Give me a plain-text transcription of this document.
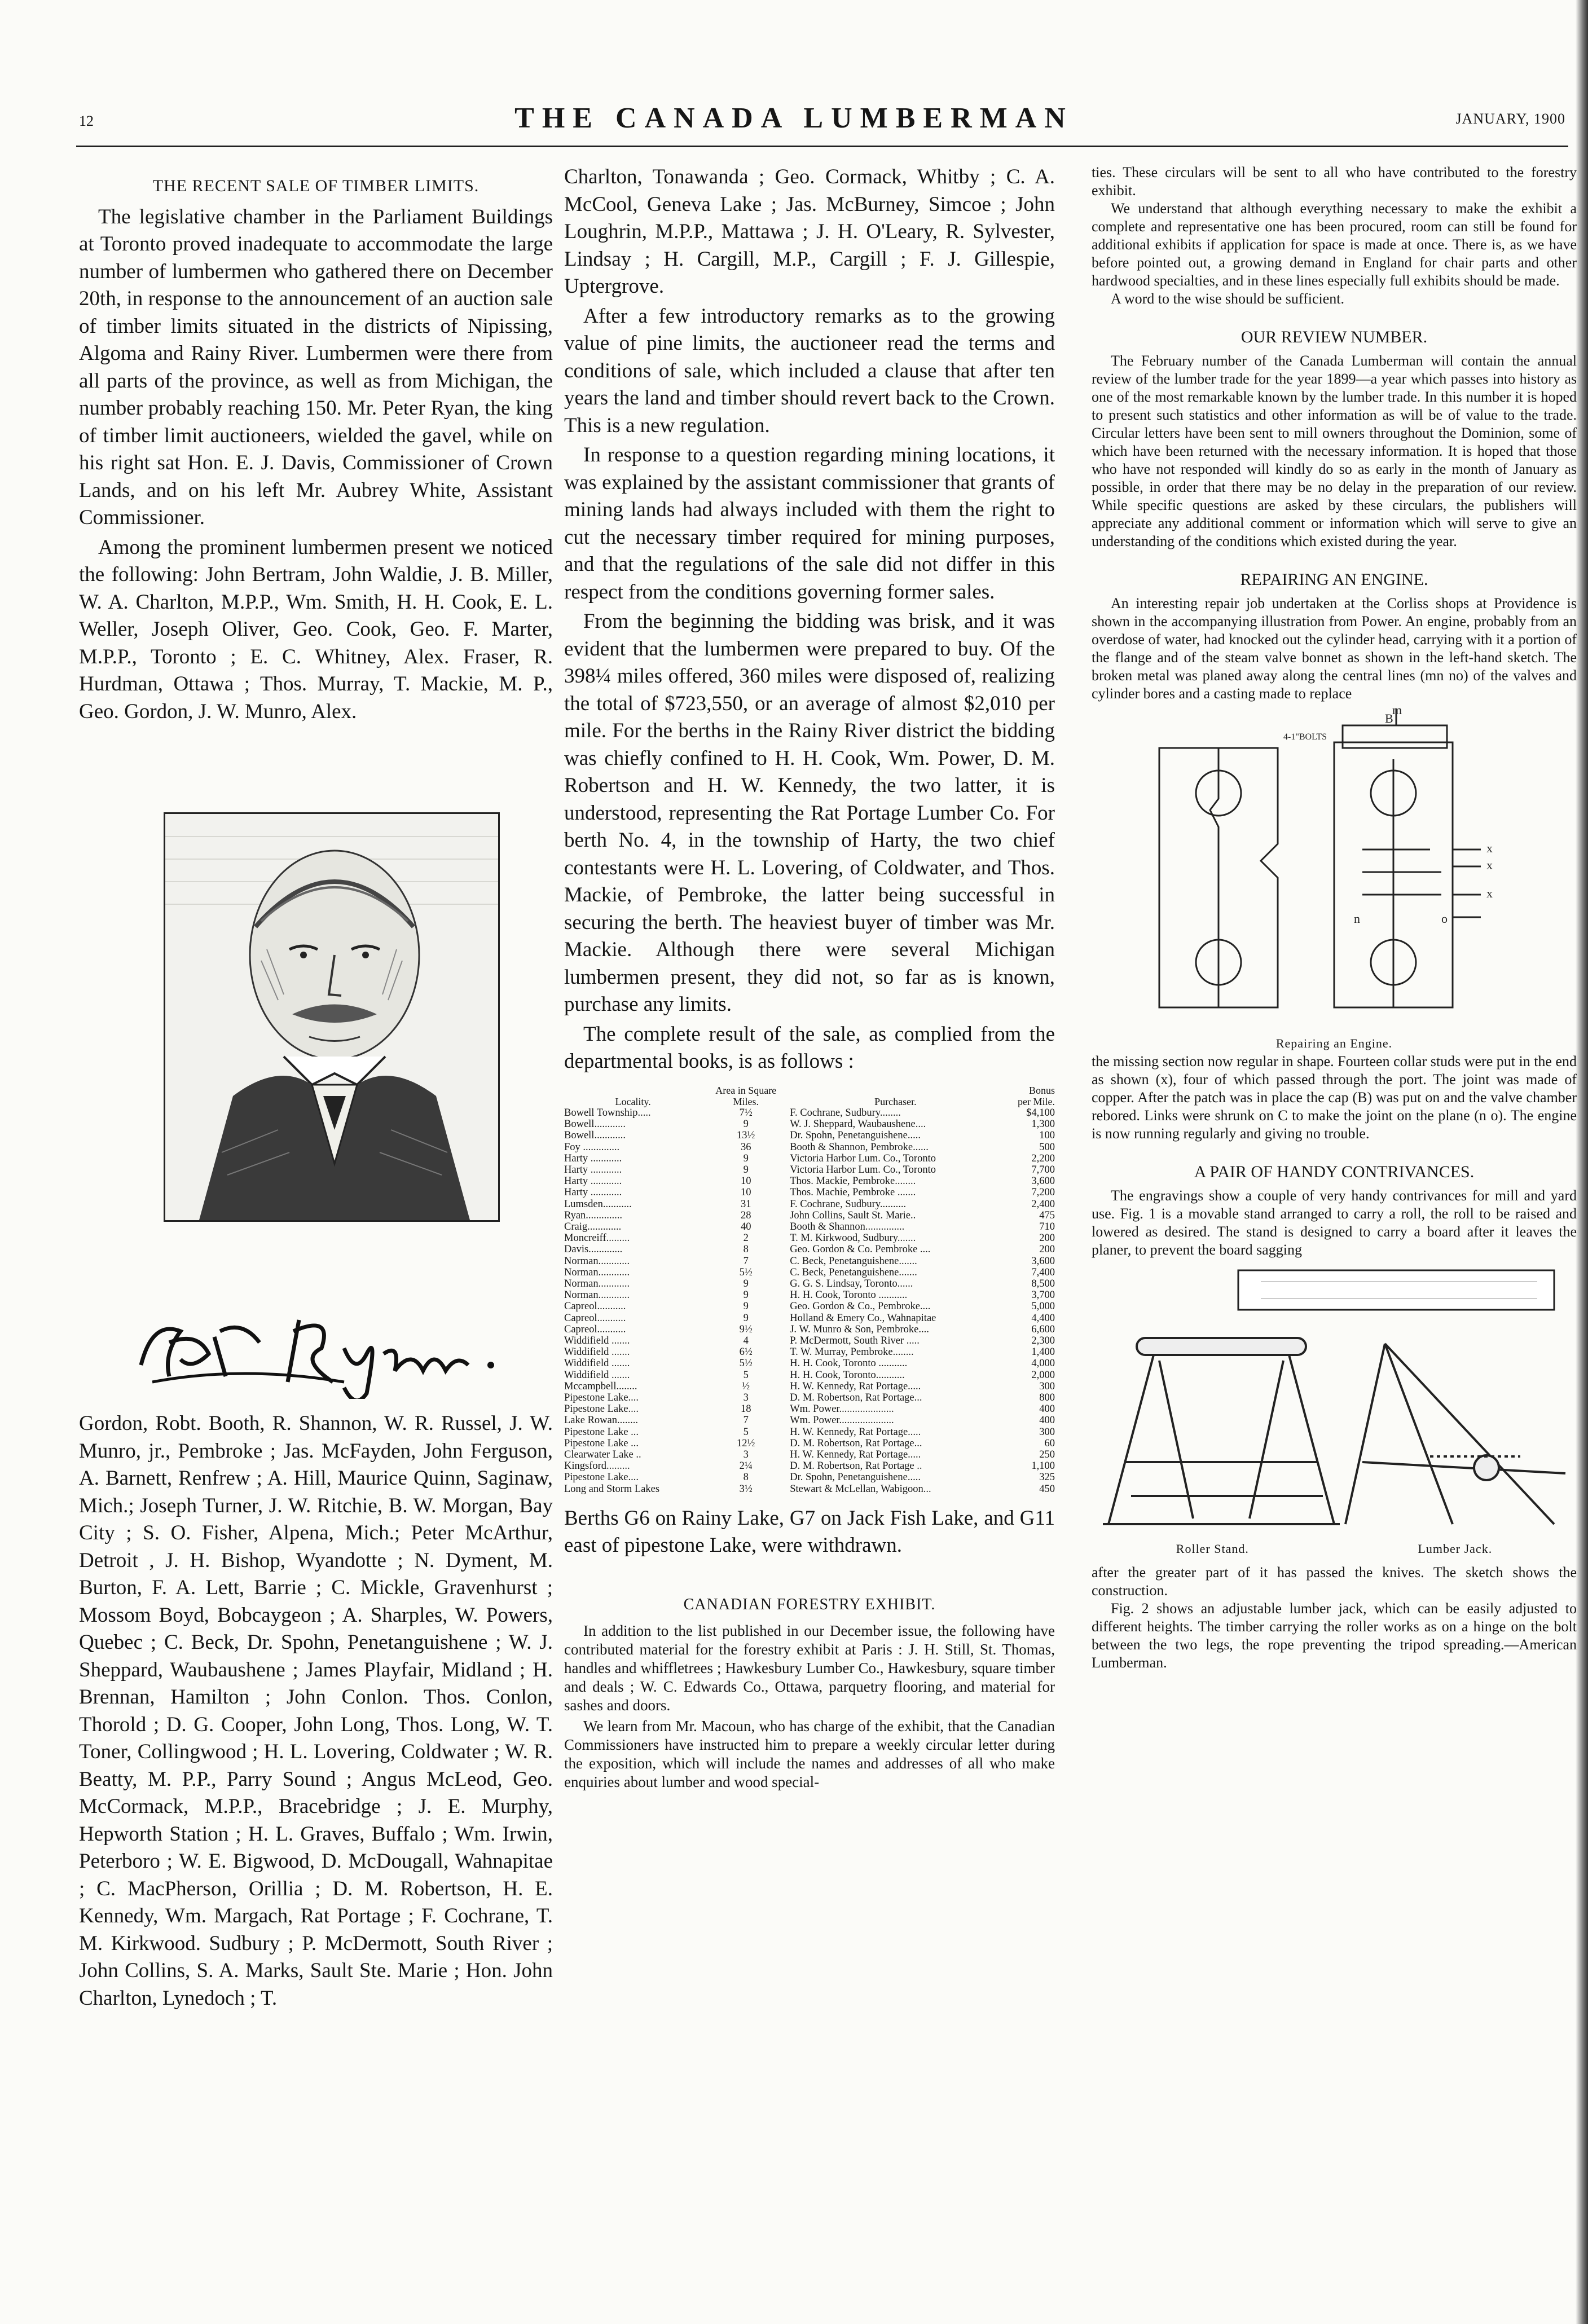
12	THE CANADA LUMBERMAN	JANUARY, 1900
THE RECENT SALE OF TIMBER LIMITS.

The legislative chamber in the Parliament Buildings at Toronto proved inadequate to accommodate the large number of lumbermen who gathered there on December 20th, in response to the announcement of an auction sale of timber limits situated in the districts of Nipissing, Algoma and Rainy River. Lumbermen were there from all parts of the province, as well as from Michigan, the number probably reaching 150. Mr. Peter Ryan, the king of timber limit auctioneers, wielded the gavel, while on his right sat Hon. E. J. Davis, Commissioner of Crown Lands, and on his left Mr. Aubrey White, Assistant Commissioner.

Among the prominent lumbermen present we noticed the following: John Bertram, John Waldie, J. B. Miller, W. A. Charlton, M.P.P., Wm. Smith, H. H. Cook, E. L. Weller, Joseph Oliver, Geo. Cook, Geo. F. Marter, M.P.P., Toronto ; E. C. Whitney, Alex. Fraser, R. Hurdman, Ottawa ; Thos. Murray, T. Mackie, M. P., Geo. Gordon, J. W. Munro, Alex.

Gordon, Robt. Booth, R. Shannon, W. R. Russel, J. W. Munro, jr., Pembroke ; Jas. McFayden, John Ferguson, A. Barnett, Renfrew ; A. Hill, Maurice Quinn, Saginaw, Mich.; Joseph Turner, J. W. Ritchie, B. W. Morgan, Bay City ; S. O. Fisher, Alpena, Mich.; Peter McArthur, Detroit , J. H. Bishop, Wyandotte ; N. Dyment, M. Burton, F. A. Lett, Barrie ; C. Mickle, Gravenhurst ; Mossom Boyd, Bobcaygeon ; A. Sharples, W. Powers, Quebec ; C. Beck, Dr. Spohn, Penetanguishene ; W. J. Sheppard, Waubaushene ; James Playfair, Midland ; H. Brennan, Hamilton ; John Conlon. Thos. Conlon, Thorold ; D. G. Cooper, John Long, Thos. Long, W. T. Toner, Collingwood ; H. L. Lovering, Coldwater ; W. R. Beatty, M. P.P., Parry Sound ; Angus McLeod, Geo. McCormack, M.P.P., Bracebridge ; J. E. Murphy, Hepworth Station ; H. L. Graves, Buffalo ; Wm. Irwin, Peterboro ; W. E. Bigwood, D. McDougall, Wahnapitae ; C. MacPherson, Orillia ; D. M. Robertson, H. E. Kennedy, Wm. Margach, Rat Portage ; F. Cochrane, T. M. Kirkwood. Sudbury ; P. McDermott, South River ; John Collins, S. A. Marks, Sault Ste. Marie ; Hon. John Charlton, Lynedoch ; T.

Charlton, Tonawanda ; Geo. Cormack, Whitby ; C. A. McCool, Geneva Lake ; Jas. McBurney, Simcoe ; John Loughrin, M.P.P., Mattawa ; J. H. O'Leary, R. Sylvester, Lindsay ; H. Cargill, M.P., Cargill ; F. J. Gillespie, Uptergrove.

After a few introductory remarks as to the growing value of pine limits, the auctioneer read the terms and conditions of sale, which included a clause that after ten years the land and timber should revert back to the Crown. This is a new regulation.

In response to a question regarding mining locations, it was explained by the assistant commissioner that grants of mining lands had always included with them the right to cut the necessary timber required for mining purposes, and that the regulations of the sale did not differ in this respect from the conditions governing former sales.

From the beginning the bidding was brisk, and it was evident that the lumbermen were prepared to buy. Of the 398¼ miles offered, 360 miles were disposed of, realizing the total of $723,550, or an average of almost $2,010 per mile. For the berths in the Rainy River district the bidding was chiefly confined to H. H. Cook, Wm. Power, D. M. Robertson and H. W. Kennedy, the two latter, it is understood, representing the Rat Portage Lumber Co. For berth No. 4, in the township of Harty, the two chief contestants were H. L. Lovering, of Coldwater, and Thos. Mackie, of Pembroke, the latter being successful in securing the berth. The heaviest buyer of timber was Mr. Mackie. Although there were several Michigan lumbermen present, they did not, so far as is known, purchase any limits.

The complete result of the sale, as complied from the departmental books, is as follows :

	Area in Square		Bonus
Locality.	Miles.	Purchaser.	per Mile.
Bowell Township.....	7½	F. Cochrane, Sudbury........	$4,100
Bowell............	9	W. J. Sheppard, Waubaushene....	1,300
Bowell............	13½	Dr. Spohn, Penetanguishene.....	100
Foy ..............	36	Booth & Shannon, Pembroke......	500
Harty ............	9	Victoria Harbor Lum. Co., Toronto	2,200
Harty ............	9	Victoria Harbor Lum. Co., Toronto	7,700
Harty ............	10	Thos. Mackie, Pembroke........	3,600
Harty ............	10	Thos. Machie, Pembroke .......	7,200
Lumsden...........	31	F. Cochrane, Sudbury..........	2,400
Ryan..............	28	John Collins, Sault St. Marie..	475
Craig.............	40	Booth & Shannon...............	710
Moncreiff.........	2	T. M. Kirkwood, Sudbury.......	200
Davis.............	8	Geo. Gordon & Co. Pembroke ....	200
Norman............	7	C. Beck, Penetanguishene.......	3,600
Norman............	5½	C. Beck, Penetanguishene.......	7,400
Norman............	9	G. G. S. Lindsay, Toronto......	8,500
Norman............	9	H. H. Cook, Toronto ...........	3,700
Capreol...........	9	Geo. Gordon & Co., Pembroke....	5,000
Capreol...........	9	Holland & Emery Co., Wahnapitae	4,400
Capreol...........	9½	J. W. Munro & Son, Pembroke....	6,600
Widdifield .......	4	P. McDermott, South River .....	2,300
Widdifield .......	6½	T. W. Murray, Pembroke........	1,400
Widdifield .......	5½	H. H. Cook, Toronto ...........	4,000
Widdifield .......	5	H. H. Cook, Toronto...........	2,000
Mccampbell........	½	H. W. Kennedy, Rat Portage.....	300
Pipestone Lake....	3	D. M. Robertson, Rat Portage...	800
Pipestone Lake....	18	Wm. Power.....................	400
Lake Rowan........	7	Wm. Power.....................	400
Pipestone Lake ...	5	H. W. Kennedy, Rat Portage.....	300
Pipestone Lake ...	12½	D. M. Robertson, Rat Portage...	60
Clearwater Lake ..	3	H. W. Kennedy, Rat Portage.....	250
Kingsford.........	2¼	D. M. Robertson, Rat Portage ..	1,100
Pipestone Lake....	8	Dr. Spohn, Penetanguishene.....	325
Long and Storm Lakes	3½	Stewart & McLellan, Wabigoon...	450

Berths G6 on Rainy Lake, G7 on Jack Fish Lake, and G11 east of pipestone Lake, were withdrawn.

CANADIAN FORESTRY EXHIBIT.

In addition to the list published in our December issue, the following have contributed material for the forestry exhibit at Paris : J. H. Still, St. Thomas, handles and whiffletrees ; Hawkesbury Lumber Co., Hawkesbury, square timber and deals ; W. C. Edwards Co., Ottawa, parquetry flooring, and material for sashes and doors.

We learn from Mr. Macoun, who has charge of the exhibit, that the Canadian Commissioners have instructed him to prepare a weekly circular letter during the exposition, which will include the names and addresses of all who make enquiries about lumber and wood special-

ties. These circulars will be sent to all who have contributed to the forestry exhibit.

We understand that although everything necessary to make the exhibit a complete and representative one has been procured, room can still be found for additional exhibits if application for space is made at once. There is, as we have before pointed out, a growing demand in England for chair parts and other hardwood specialties, and in these lines especially full exhibits should be made.

A word to the wise should be sufficient.

OUR REVIEW NUMBER.

The February number of the Canada Lumberman will contain the annual review of the lumber trade for the year 1899—a year which passes into history as one of the most remarkable known by the lumber trade. In this number it is hoped to present such statistics and other information as will be of value to the trade. Circular letters have been sent to mill owners throughout the Dominion, some of which have been returned with the necessary information. It is hoped that those who have not responded will kindly do so as early in the month of January as possible, in order that there may be no delay in the preparation of our review. While specific questions are asked by these circulars, the publishers will appreciate any additional comment or information which will serve to give an understanding of the conditions which existed during the year.

REPAIRING AN ENGINE.

An interesting repair job undertaken at the Corliss shops at Providence is shown in the accompanying illustration from Power. An engine, probably from an overdose of water, had knocked out the cylinder head, carrying with it a portion of the flange and of the steam valve bonnet as shown in the left-hand sketch. The broken metal was planed away along the central lines (mn no) of the valves and cylinder bores and a casting made to replace

m
B
4-1"BOLTS
x
x
x
n	o
Repairing an Engine.

the missing section now regular in shape. Fourteen collar studs were put in the end as shown (x), four of which passed through the port. The joint was made of copper. After the patch was in place the cap (B) was put on and the valve chamber rebored. Links were shrunk on C to make the joint on the plane (n o). The engine is now running regularly and giving no trouble.

A PAIR OF HANDY CONTRIVANCES.

The engravings show a couple of very handy contrivances for mill and yard use. Fig. 1 is a movable stand arranged to carry a roll, the roll to be raised and lowered as desired. The stand is designed to carry a board after it leaves the planer, to prevent the board sagging

Roller Stand.	Lumber Jack.

after the greater part of it has passed the knives. The sketch shows the construction.

Fig. 2 shows an adjustable lumber jack, which can be easily adjusted to different heights. The timber carrying the roller works as on a hinge on the bolt between the two legs, the rope preventing the tripod spreading.—American Lumberman.
